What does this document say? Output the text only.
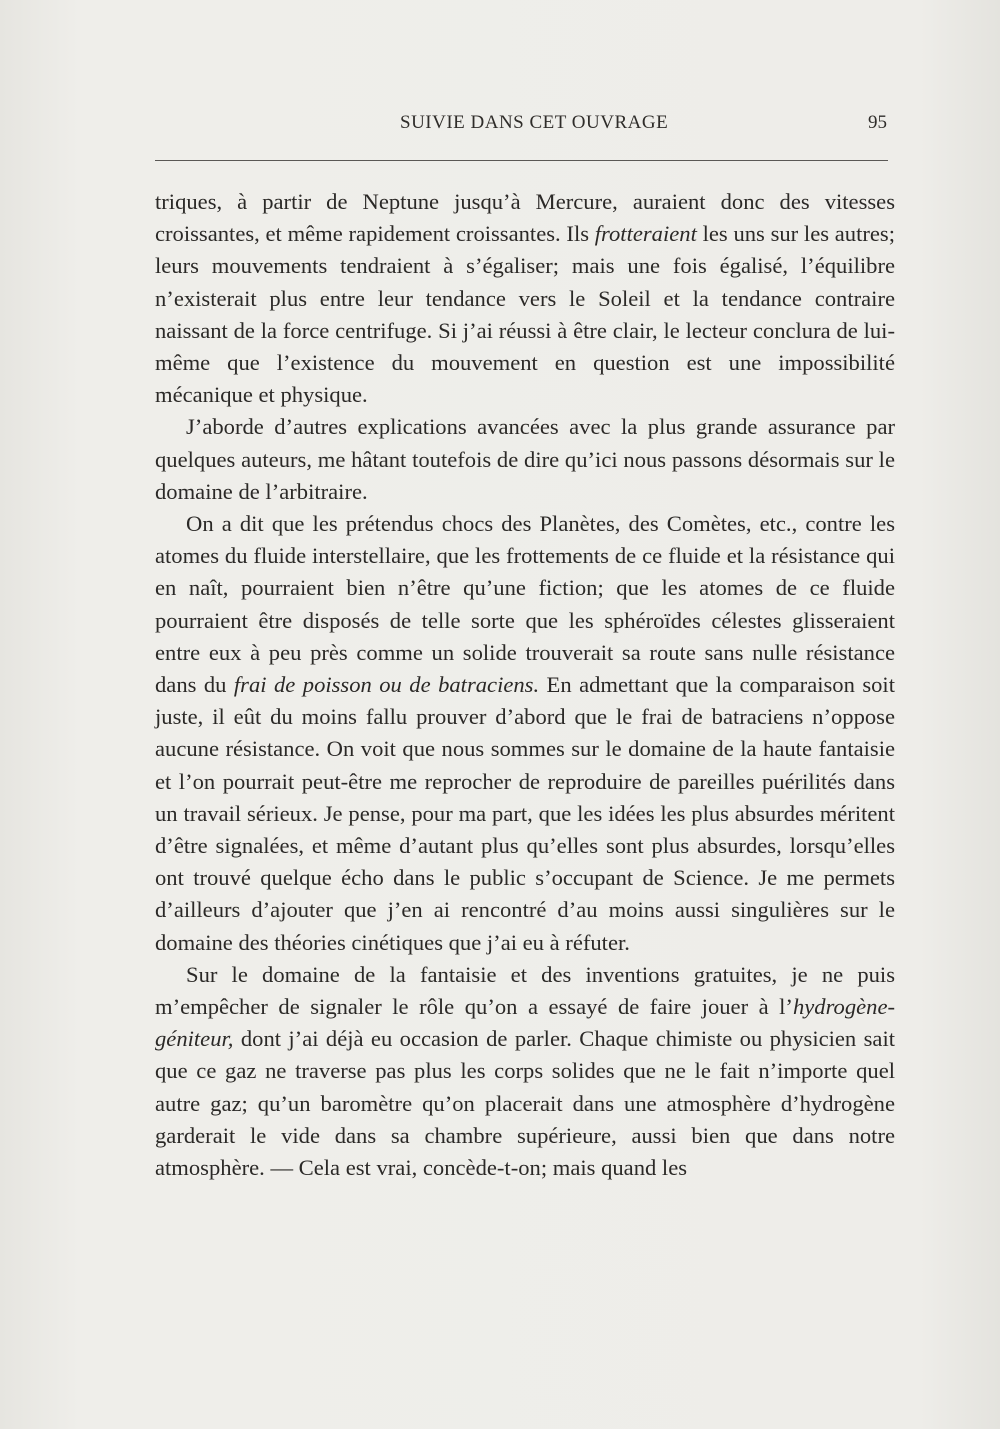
SUIVIE DANS CET OUVRAGE	95

triques, à partir de Neptune jusqu’à Mercure, auraient donc des vitesses croissantes, et même rapidement croissantes. Ils frotteraient les uns sur les autres; leurs mouvements tendraient à s’égaliser; mais une fois égalisé, l’équilibre n’existerait plus entre leur tendance vers le Soleil et la tendance contraire naissant de la force centrifuge. Si j’ai réussi à être clair, le lecteur conclura de lui-même que l’existence du mouvement en question est une impossibilité mécanique et physique.

J’aborde d’autres explications avancées avec la plus grande assurance par quelques auteurs, me hâtant toutefois de dire qu’ici nous passons désormais sur le domaine de l’arbitraire.

On a dit que les prétendus chocs des Planètes, des Comètes, etc., contre les atomes du fluide interstellaire, que les frottements de ce fluide et la résistance qui en naît, pourraient bien n’être qu’une fiction; que les atomes de ce fluide pourraient être disposés de telle sorte que les sphéroïdes célestes glisseraient entre eux à peu près comme un solide trouverait sa route sans nulle résistance dans du frai de poisson ou de batraciens. En admettant que la comparaison soit juste, il eût du moins fallu prouver d’abord que le frai de batraciens n’oppose aucune résistance. On voit que nous sommes sur le domaine de la haute fantaisie et l’on pourrait peut-être me reprocher de reproduire de pareilles puérilités dans un travail sérieux. Je pense, pour ma part, que les idées les plus absurdes méritent d’être signalées, et même d’autant plus qu’elles sont plus absurdes, lorsqu’elles ont trouvé quelque écho dans le public s’occupant de Science. Je me permets d’ailleurs d’ajouter que j’en ai rencontré d’au moins aussi singulières sur le domaine des théories cinétiques que j’ai eu à réfuter.

Sur le domaine de la fantaisie et des inventions gratuites, je ne puis m’empêcher de signaler le rôle qu’on a essayé de faire jouer à l’hydrogène-géniteur, dont j’ai déjà eu occasion de parler. Chaque chimiste ou physicien sait que ce gaz ne traverse pas plus les corps solides que ne le fait n’importe quel autre gaz; qu’un baromètre qu’on placerait dans une atmosphère d’hydrogène garderait le vide dans sa chambre supérieure, aussi bien que dans notre atmosphère. — Cela est vrai, concède-t-on; mais quand les
